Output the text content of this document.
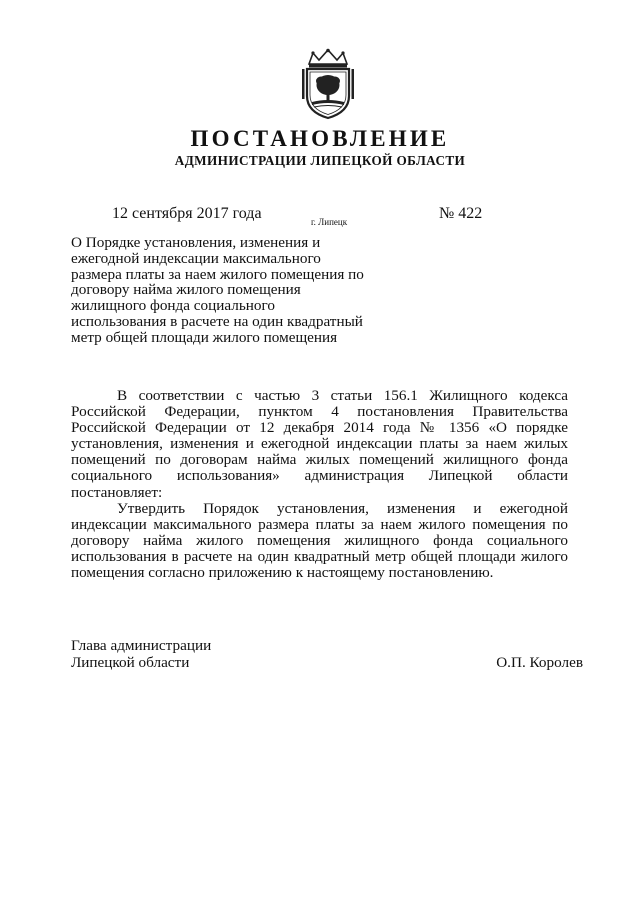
ПОСТАНОВЛЕНИЕ
АДМИНИСТРАЦИИ ЛИПЕЦКОЙ ОБЛАСТИ
12 сентября 2017 года	г. Липецк	№ 422
О Порядке установления, изменения и
ежегодной индексации максимального
размера платы за наем жилого помещения по
договору найма жилого помещения
жилищного фонда социального
использования в расчете на один квадратный
метр общей площади жилого помещения

В соответствии с частью 3 статьи 156.1 Жилищного кодекса Российской Федерации, пунктом 4 постановления Правительства Российской Федерации от 12 декабря 2014 года № 1356 «О порядке установления, изменения и ежегодной индексации платы за наем жилых помещений по договорам найма жилых помещений жилищного фонда социального использования» администрация Липецкой области постановляет:

Утвердить Порядок установления, изменения и ежегодной индексации максимального размера платы за наем жилого помещения по договору найма жилого помещения жилищного фонда социального использования в расчете на один квадратный метр общей площади жилого помещения согласно приложению к настоящему постановлению.

Глава администрации
Липецкой области	О.П. Королев
